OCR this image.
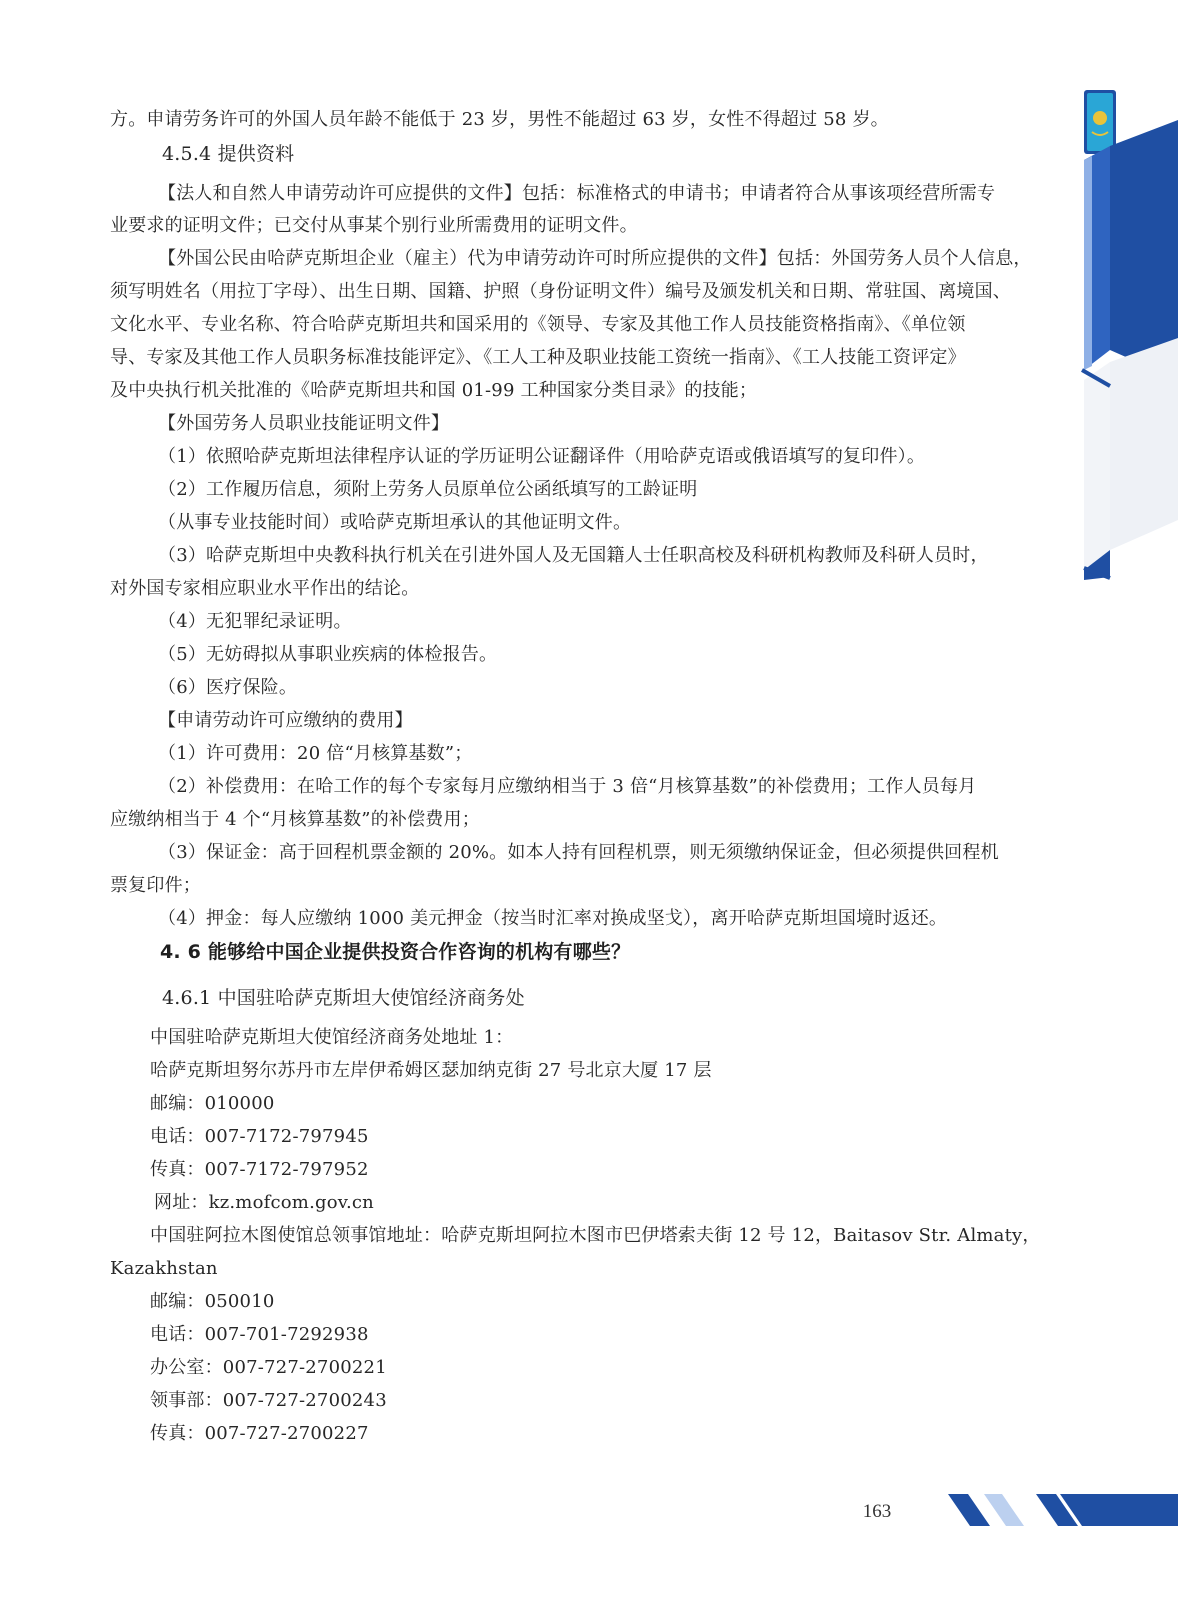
方。申请劳务许可的外国人员年龄不能低于 23 岁，男性不能超过 63 岁，女性不得超过 58 岁。
4.5.4 提供资料
【法人和自然人申请劳动许可应提供的文件】包括：标准格式的申请书；申请者符合从事该项经营所需专
业要求的证明文件；已交付从事某个别行业所需费用的证明文件。
【外国公民由哈萨克斯坦企业（雇主）代为申请劳动许可时所应提供的文件】包括：外国劳务人员个人信息，
须写明姓名（用拉丁字母）、出生日期、国籍、护照（身份证明文件）编号及颁发机关和日期、常驻国、离境国、
文化水平、专业名称、符合哈萨克斯坦共和国采用的《领导、专家及其他工作人员技能资格指南》、《单位领
导、专家及其他工作人员职务标准技能评定》、《工人工种及职业技能工资统一指南》、《工人技能工资评定》
及中央执行机关批准的《哈萨克斯坦共和国 01-99 工种国家分类目录》的技能；
【外国劳务人员职业技能证明文件】
（1）依照哈萨克斯坦法律程序认证的学历证明公证翻译件（用哈萨克语或俄语填写的复印件）。
（2）工作履历信息，须附上劳务人员原单位公函纸填写的工龄证明
（从事专业技能时间）或哈萨克斯坦承认的其他证明文件。
（3）哈萨克斯坦中央教科执行机关在引进外国人及无国籍人士任职高校及科研机构教师及科研人员时，
对外国专家相应职业水平作出的结论。
（4）无犯罪纪录证明。
（5）无妨碍拟从事职业疾病的体检报告。
（6）医疗保险。
【申请劳动许可应缴纳的费用】
（1）许可费用：20 倍“月核算基数”；
（2）补偿费用：在哈工作的每个专家每月应缴纳相当于 3 倍“月核算基数”的补偿费用；工作人员每月
应缴纳相当于 4 个“月核算基数”的补偿费用；
（3）保证金：高于回程机票金额的 20%。如本人持有回程机票，则无须缴纳保证金，但必须提供回程机
票复印件；
（4）押金：每人应缴纳 1000 美元押金（按当时汇率对换成坚戈），离开哈萨克斯坦国境时返还。
4. 6 能够给中国企业提供投资合作咨询的机构有哪些？
4.6.1 中国驻哈萨克斯坦大使馆经济商务处
中国驻哈萨克斯坦大使馆经济商务处地址 1：
哈萨克斯坦努尔苏丹市左岸伊希姆区瑟加纳克街 27 号北京大厦 17 层
邮编：010000
电话：007-7172-797945
传真：007-7172-797952
网址：kz.mofcom.gov.cn
中国驻阿拉木图使馆总领事馆地址：哈萨克斯坦阿拉木图市巴伊塔索夫街 12 号 12，Baitasov Str. Almaty，
Kazakhstan
邮编：050010
电话：007-701-7292938
办公室：007-727-2700221
领事部：007-727-2700243
传真：007-727-2700227
163
